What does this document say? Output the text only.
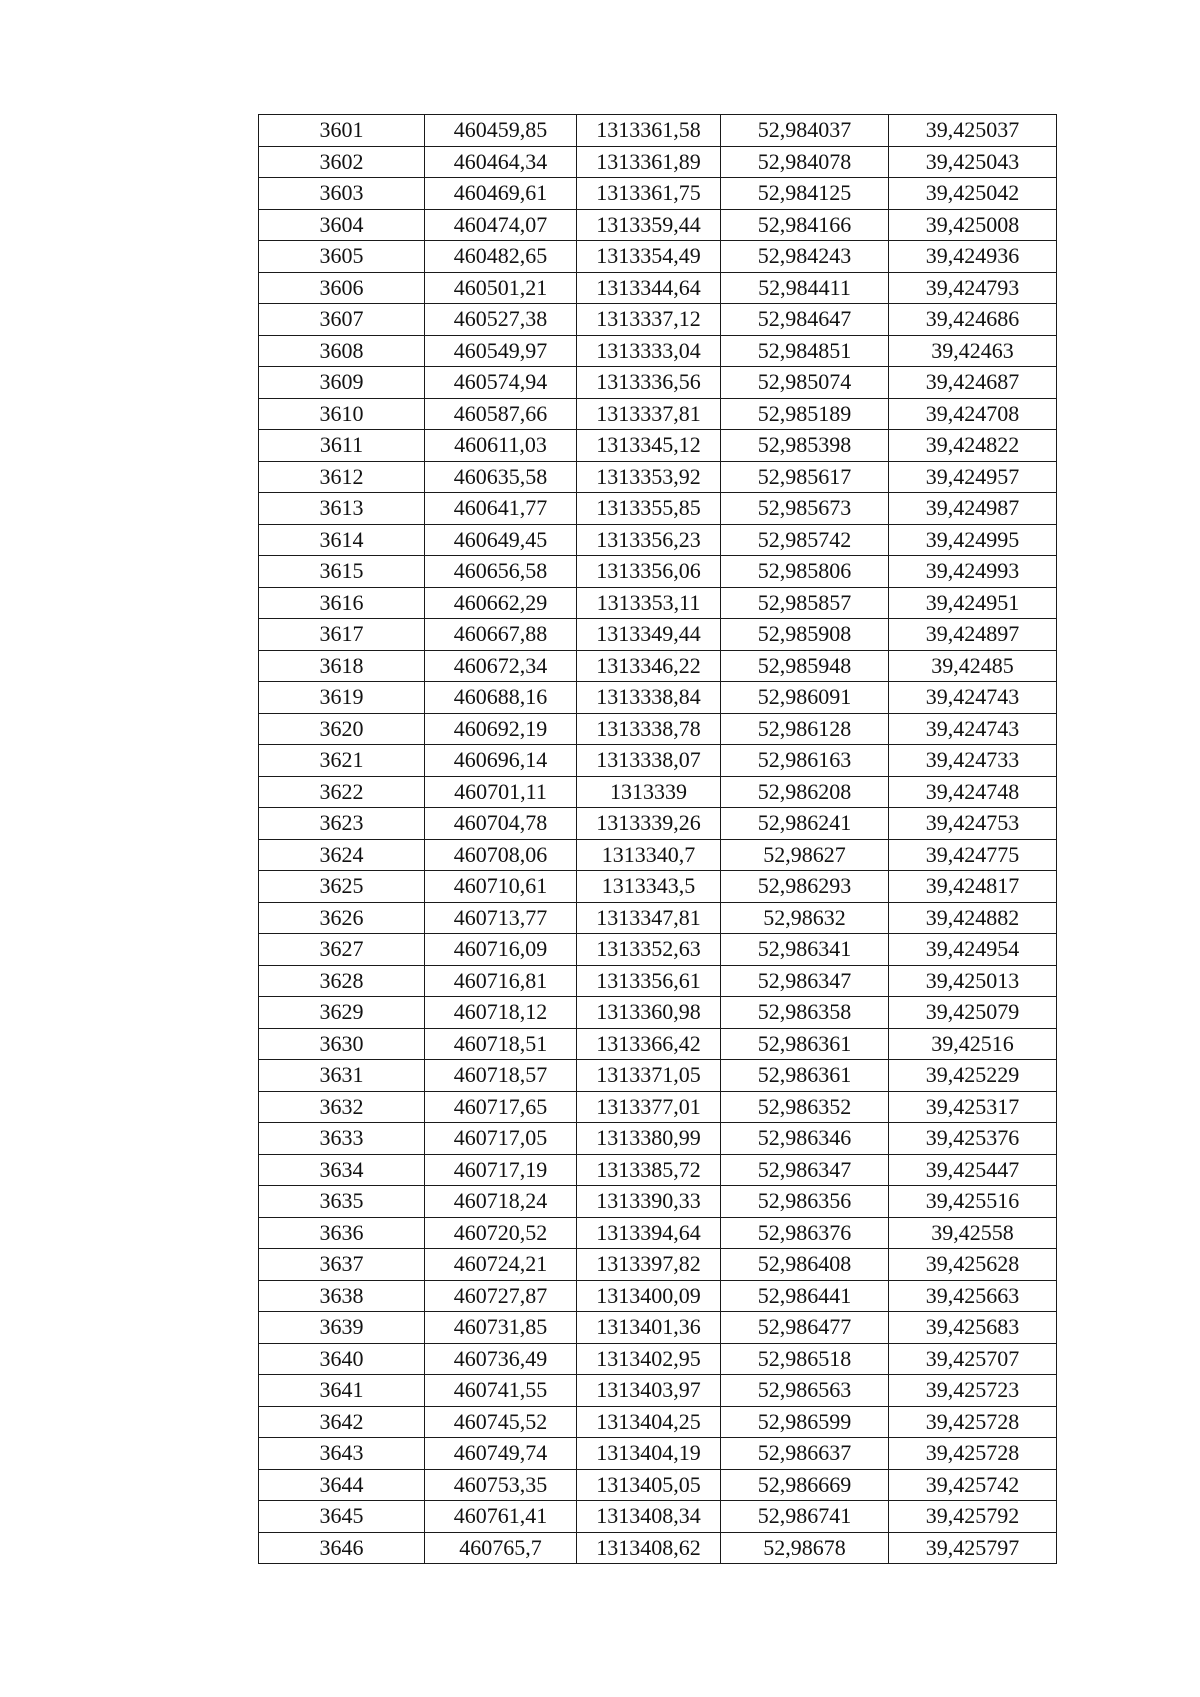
3601	460459,85	1313361,58	52,984037	39,425037
3602	460464,34	1313361,89	52,984078	39,425043
3603	460469,61	1313361,75	52,984125	39,425042
3604	460474,07	1313359,44	52,984166	39,425008
3605	460482,65	1313354,49	52,984243	39,424936
3606	460501,21	1313344,64	52,984411	39,424793
3607	460527,38	1313337,12	52,984647	39,424686
3608	460549,97	1313333,04	52,984851	39,42463
3609	460574,94	1313336,56	52,985074	39,424687
3610	460587,66	1313337,81	52,985189	39,424708
3611	460611,03	1313345,12	52,985398	39,424822
3612	460635,58	1313353,92	52,985617	39,424957
3613	460641,77	1313355,85	52,985673	39,424987
3614	460649,45	1313356,23	52,985742	39,424995
3615	460656,58	1313356,06	52,985806	39,424993
3616	460662,29	1313353,11	52,985857	39,424951
3617	460667,88	1313349,44	52,985908	39,424897
3618	460672,34	1313346,22	52,985948	39,42485
3619	460688,16	1313338,84	52,986091	39,424743
3620	460692,19	1313338,78	52,986128	39,424743
3621	460696,14	1313338,07	52,986163	39,424733
3622	460701,11	1313339	52,986208	39,424748
3623	460704,78	1313339,26	52,986241	39,424753
3624	460708,06	1313340,7	52,98627	39,424775
3625	460710,61	1313343,5	52,986293	39,424817
3626	460713,77	1313347,81	52,98632	39,424882
3627	460716,09	1313352,63	52,986341	39,424954
3628	460716,81	1313356,61	52,986347	39,425013
3629	460718,12	1313360,98	52,986358	39,425079
3630	460718,51	1313366,42	52,986361	39,42516
3631	460718,57	1313371,05	52,986361	39,425229
3632	460717,65	1313377,01	52,986352	39,425317
3633	460717,05	1313380,99	52,986346	39,425376
3634	460717,19	1313385,72	52,986347	39,425447
3635	460718,24	1313390,33	52,986356	39,425516
3636	460720,52	1313394,64	52,986376	39,42558
3637	460724,21	1313397,82	52,986408	39,425628
3638	460727,87	1313400,09	52,986441	39,425663
3639	460731,85	1313401,36	52,986477	39,425683
3640	460736,49	1313402,95	52,986518	39,425707
3641	460741,55	1313403,97	52,986563	39,425723
3642	460745,52	1313404,25	52,986599	39,425728
3643	460749,74	1313404,19	52,986637	39,425728
3644	460753,35	1313405,05	52,986669	39,425742
3645	460761,41	1313408,34	52,986741	39,425792
3646	460765,7	1313408,62	52,98678	39,425797
